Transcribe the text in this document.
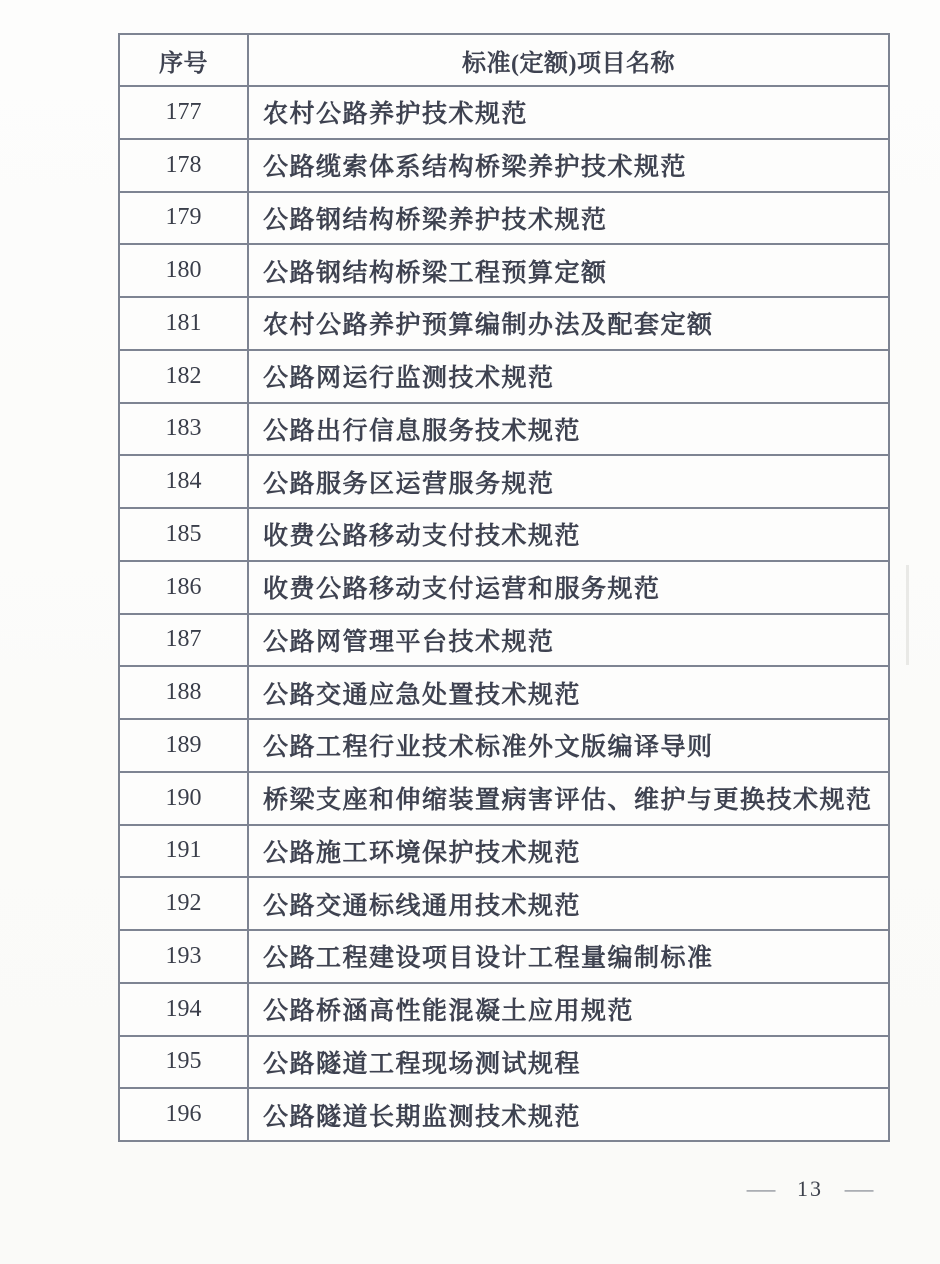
序号	标准(定额)项目名称
177	农村公路养护技术规范
178	公路缆索体系结构桥梁养护技术规范
179	公路钢结构桥梁养护技术规范
180	公路钢结构桥梁工程预算定额
181	农村公路养护预算编制办法及配套定额
182	公路网运行监测技术规范
183	公路出行信息服务技术规范
184	公路服务区运营服务规范
185	收费公路移动支付技术规范
186	收费公路移动支付运营和服务规范
187	公路网管理平台技术规范
188	公路交通应急处置技术规范
189	公路工程行业技术标准外文版编译导则
190	桥梁支座和伸缩装置病害评估、维护与更换技术规范
191	公路施工环境保护技术规范
192	公路交通标线通用技术规范
193	公路工程建设项目设计工程量编制标准
194	公路桥涵高性能混凝土应用规范
195	公路隧道工程现场测试规程
196	公路隧道长期监测技术规范
— 13 —
